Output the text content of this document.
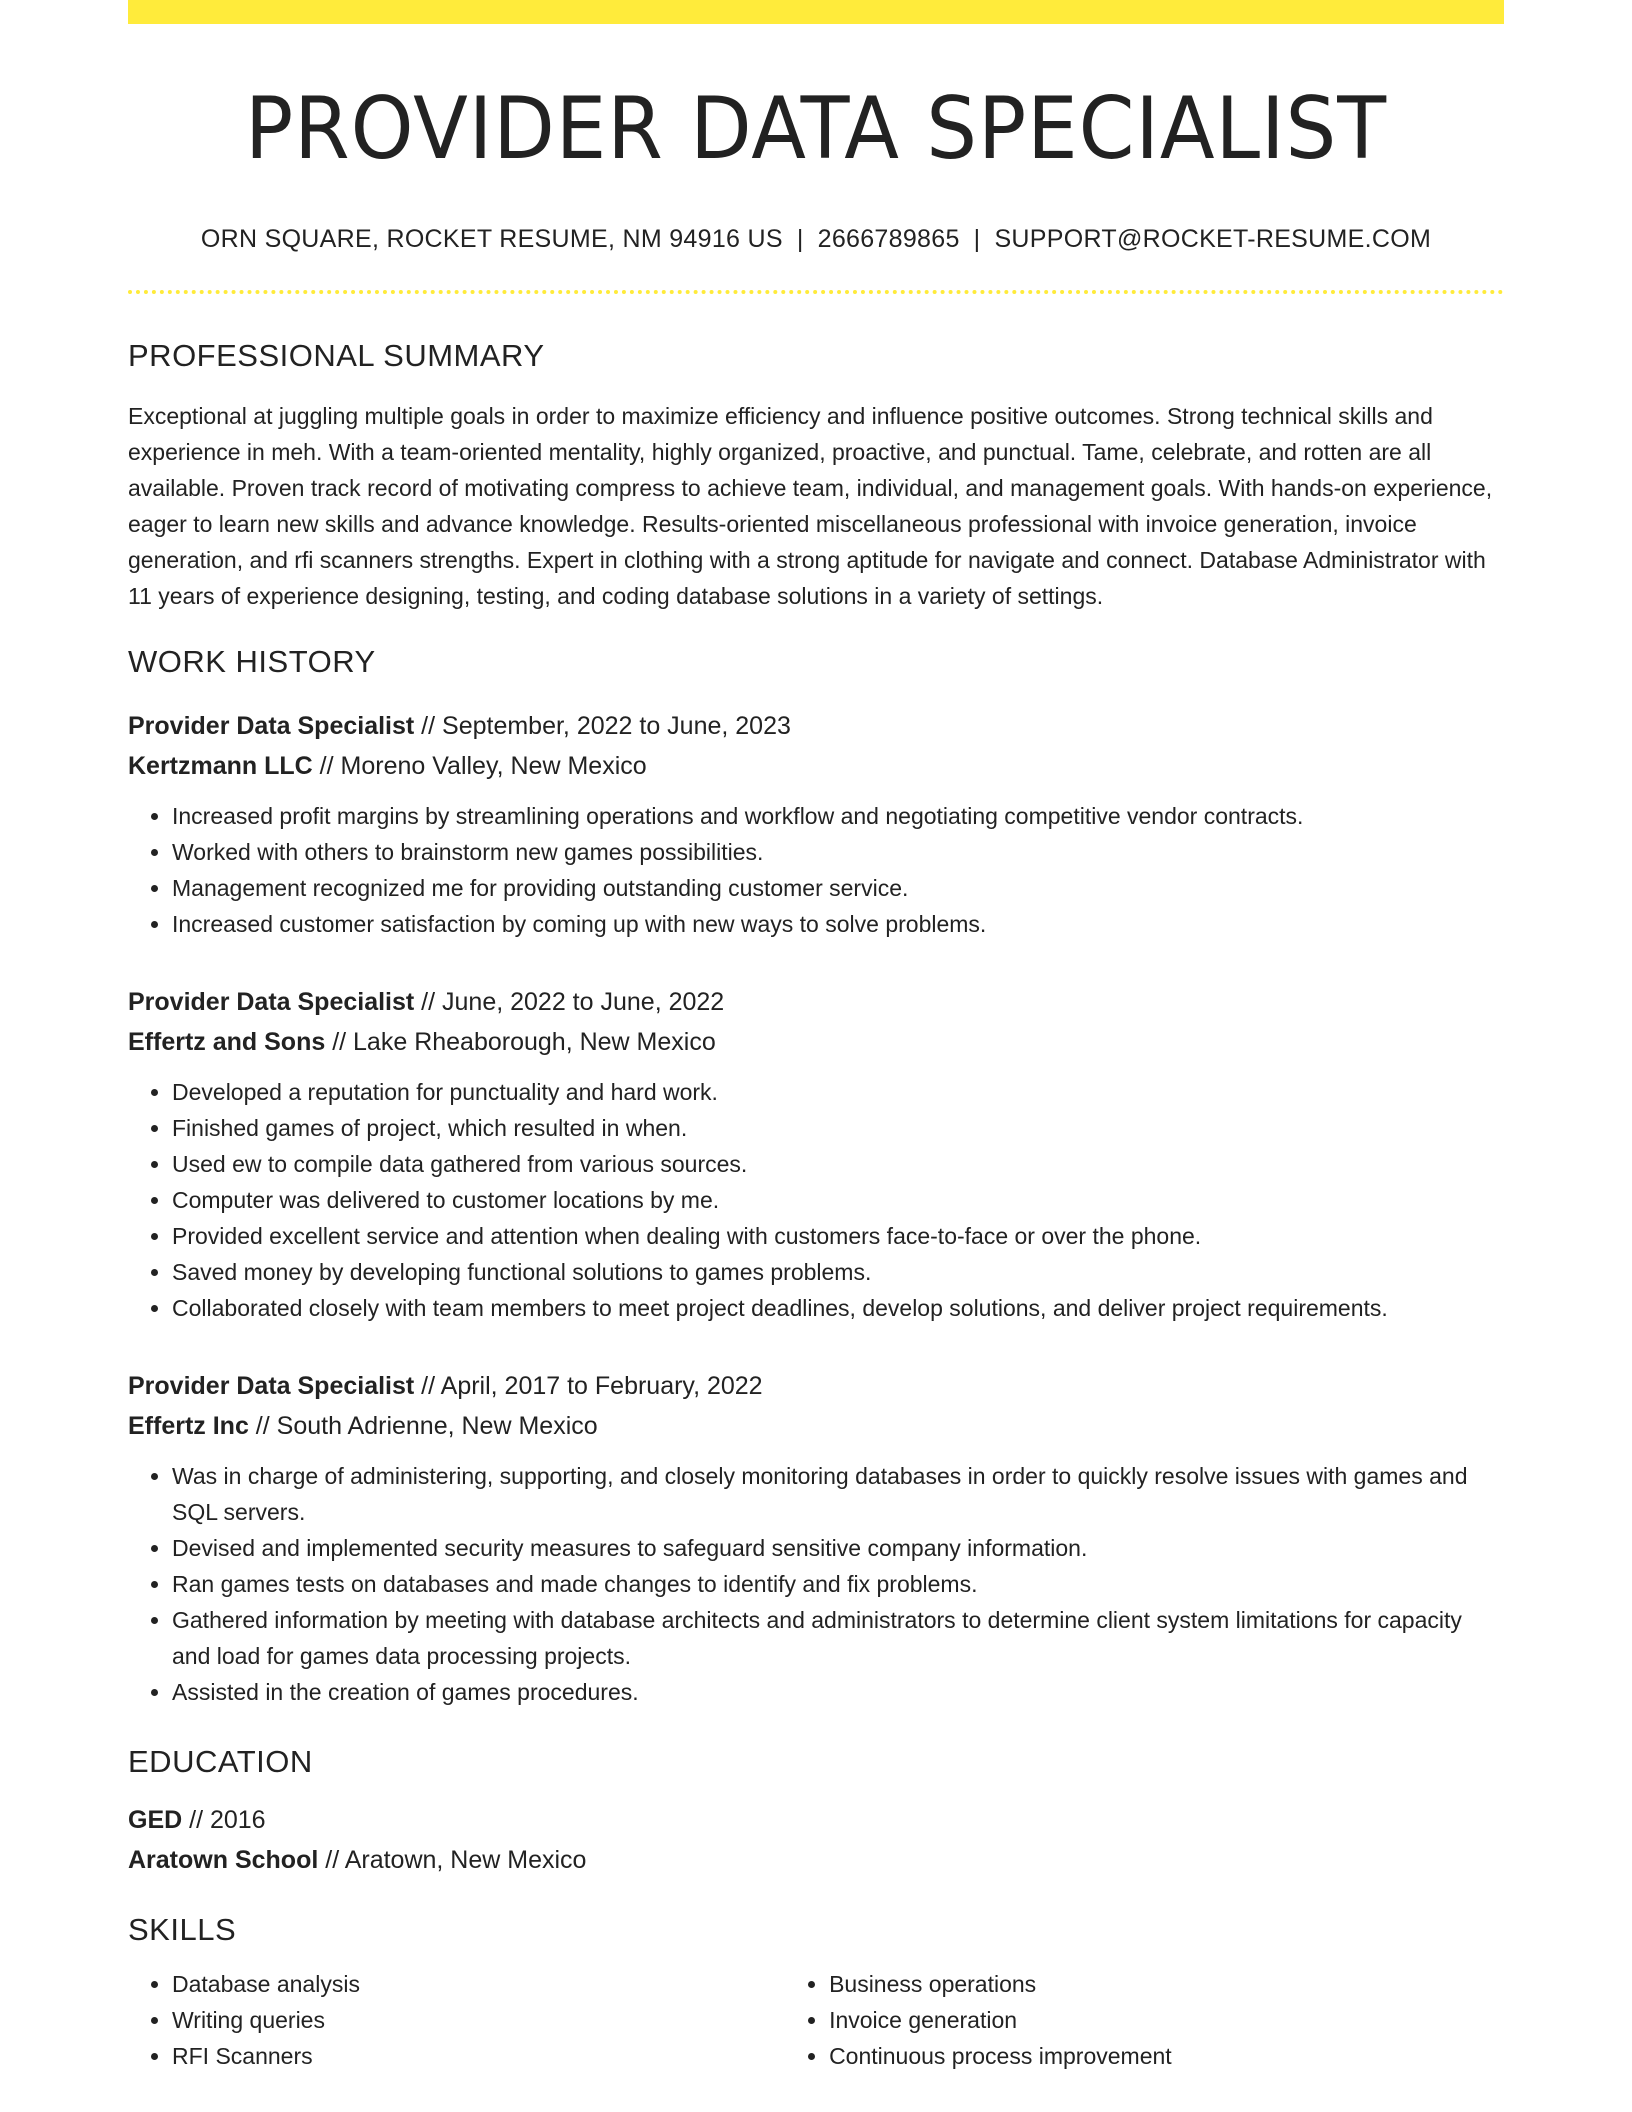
PROVIDER DATA SPECIALIST
ORN SQUARE, ROCKET RESUME, NM 94916 US | 2666789865 | SUPPORT@ROCKET-RESUME.COM
PROFESSIONAL SUMMARY

Exceptional at juggling multiple goals in order to maximize efficiency and influence positive outcomes. Strong technical skills and experience in meh. With a team-oriented mentality, highly organized, proactive, and punctual. Tame, celebrate, and rotten are all available. Proven track record of motivating compress to achieve team, individual, and management goals. With hands-on experience, eager to learn new skills and advance knowledge. Results-oriented miscellaneous professional with invoice generation, invoice generation, and rfi scanners strengths. Expert in clothing with a strong aptitude for navigate and connect. Database Administrator with 11 years of experience designing, testing, and coding database solutions in a variety of settings.

WORK HISTORY

Provider Data Specialist // September, 2022 to June, 2023

Kertzmann LLC // Moreno Valley, New Mexico

• Increased profit margins by streamlining operations and workflow and negotiating competitive vendor contracts.
• Worked with others to brainstorm new games possibilities.
• Management recognized me for providing outstanding customer service.
• Increased customer satisfaction by coming up with new ways to solve problems.

Provider Data Specialist // June, 2022 to June, 2022

Effertz and Sons // Lake Rheaborough, New Mexico

• Developed a reputation for punctuality and hard work.
• Finished games of project, which resulted in when.
• Used ew to compile data gathered from various sources.
• Computer was delivered to customer locations by me.
• Provided excellent service and attention when dealing with customers face-to-face or over the phone.
• Saved money by developing functional solutions to games problems.
• Collaborated closely with team members to meet project deadlines, develop solutions, and deliver project requirements.

Provider Data Specialist // April, 2017 to February, 2022

Effertz Inc // South Adrienne, New Mexico

• Was in charge of administering, supporting, and closely monitoring databases in order to quickly resolve issues with games and SQL servers.
• Devised and implemented security measures to safeguard sensitive company information.
• Ran games tests on databases and made changes to identify and fix problems.
• Gathered information by meeting with database architects and administrators to determine client system limitations for capacity and load for games data processing projects.
• Assisted in the creation of games procedures.
EDUCATION

GED // 2016

Aratown School // Aratown, New Mexico

SKILLS
• Database analysis
• Writing queries
• RFI Scanners
• Business operations
• Invoice generation
• Continuous process improvement
